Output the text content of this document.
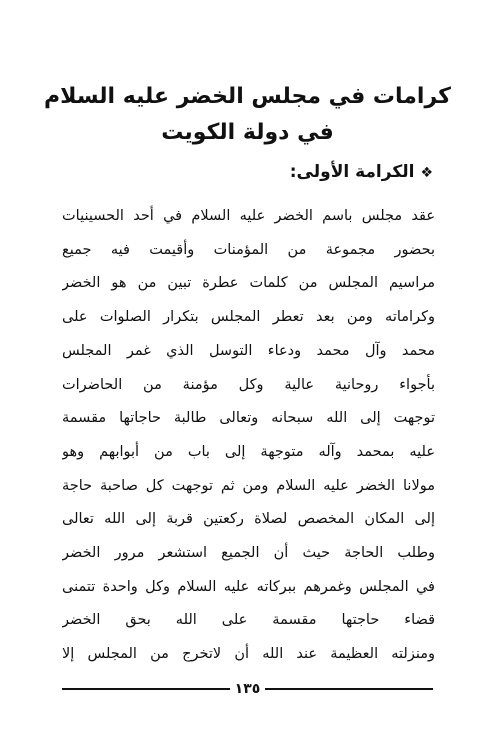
كرامات في مجلس الخضر عليه السلام
في دولة الكويت
❖الكرامة الأولى:
عقد مجلس باسم الخضر عليه السلام في أحد الحسينيات
بحضور مجموعة من المؤمنات وأقيمت فيه جميع
مراسيم المجلس من كلمات عطرة تبين من هو الخضر
وكراماته ومن بعد تعطر المجلس بتكرار الصلوات على
محمد وآل محمد ودعاء التوسل الذي غمر المجلس
بأجواء روحانية عالية وكل مؤمنة من الحاضرات
توجهت إلى الله سبحانه وتعالى طالبة حاجاتها مقسمة
عليه بمحمد وآله متوجهة إلى باب من أبوابهم وهو
مولانا الخضر عليه السلام ومن ثم توجهت كل صاحبة حاجة
إلى المكان المخصص لصلاة ركعتين قربة إلى الله تعالى
وطلب الحاجة حيث أن الجميع استشعر مرور الخضر
في المجلس وغمرهم ببركاته عليه السلام وكل واحدة تتمنى
قضاء حاجتها مقسمة على الله بحق الخضر
ومنزلته العظيمة عند الله أن لاتخرج من المجلس إلا
١٣٥
